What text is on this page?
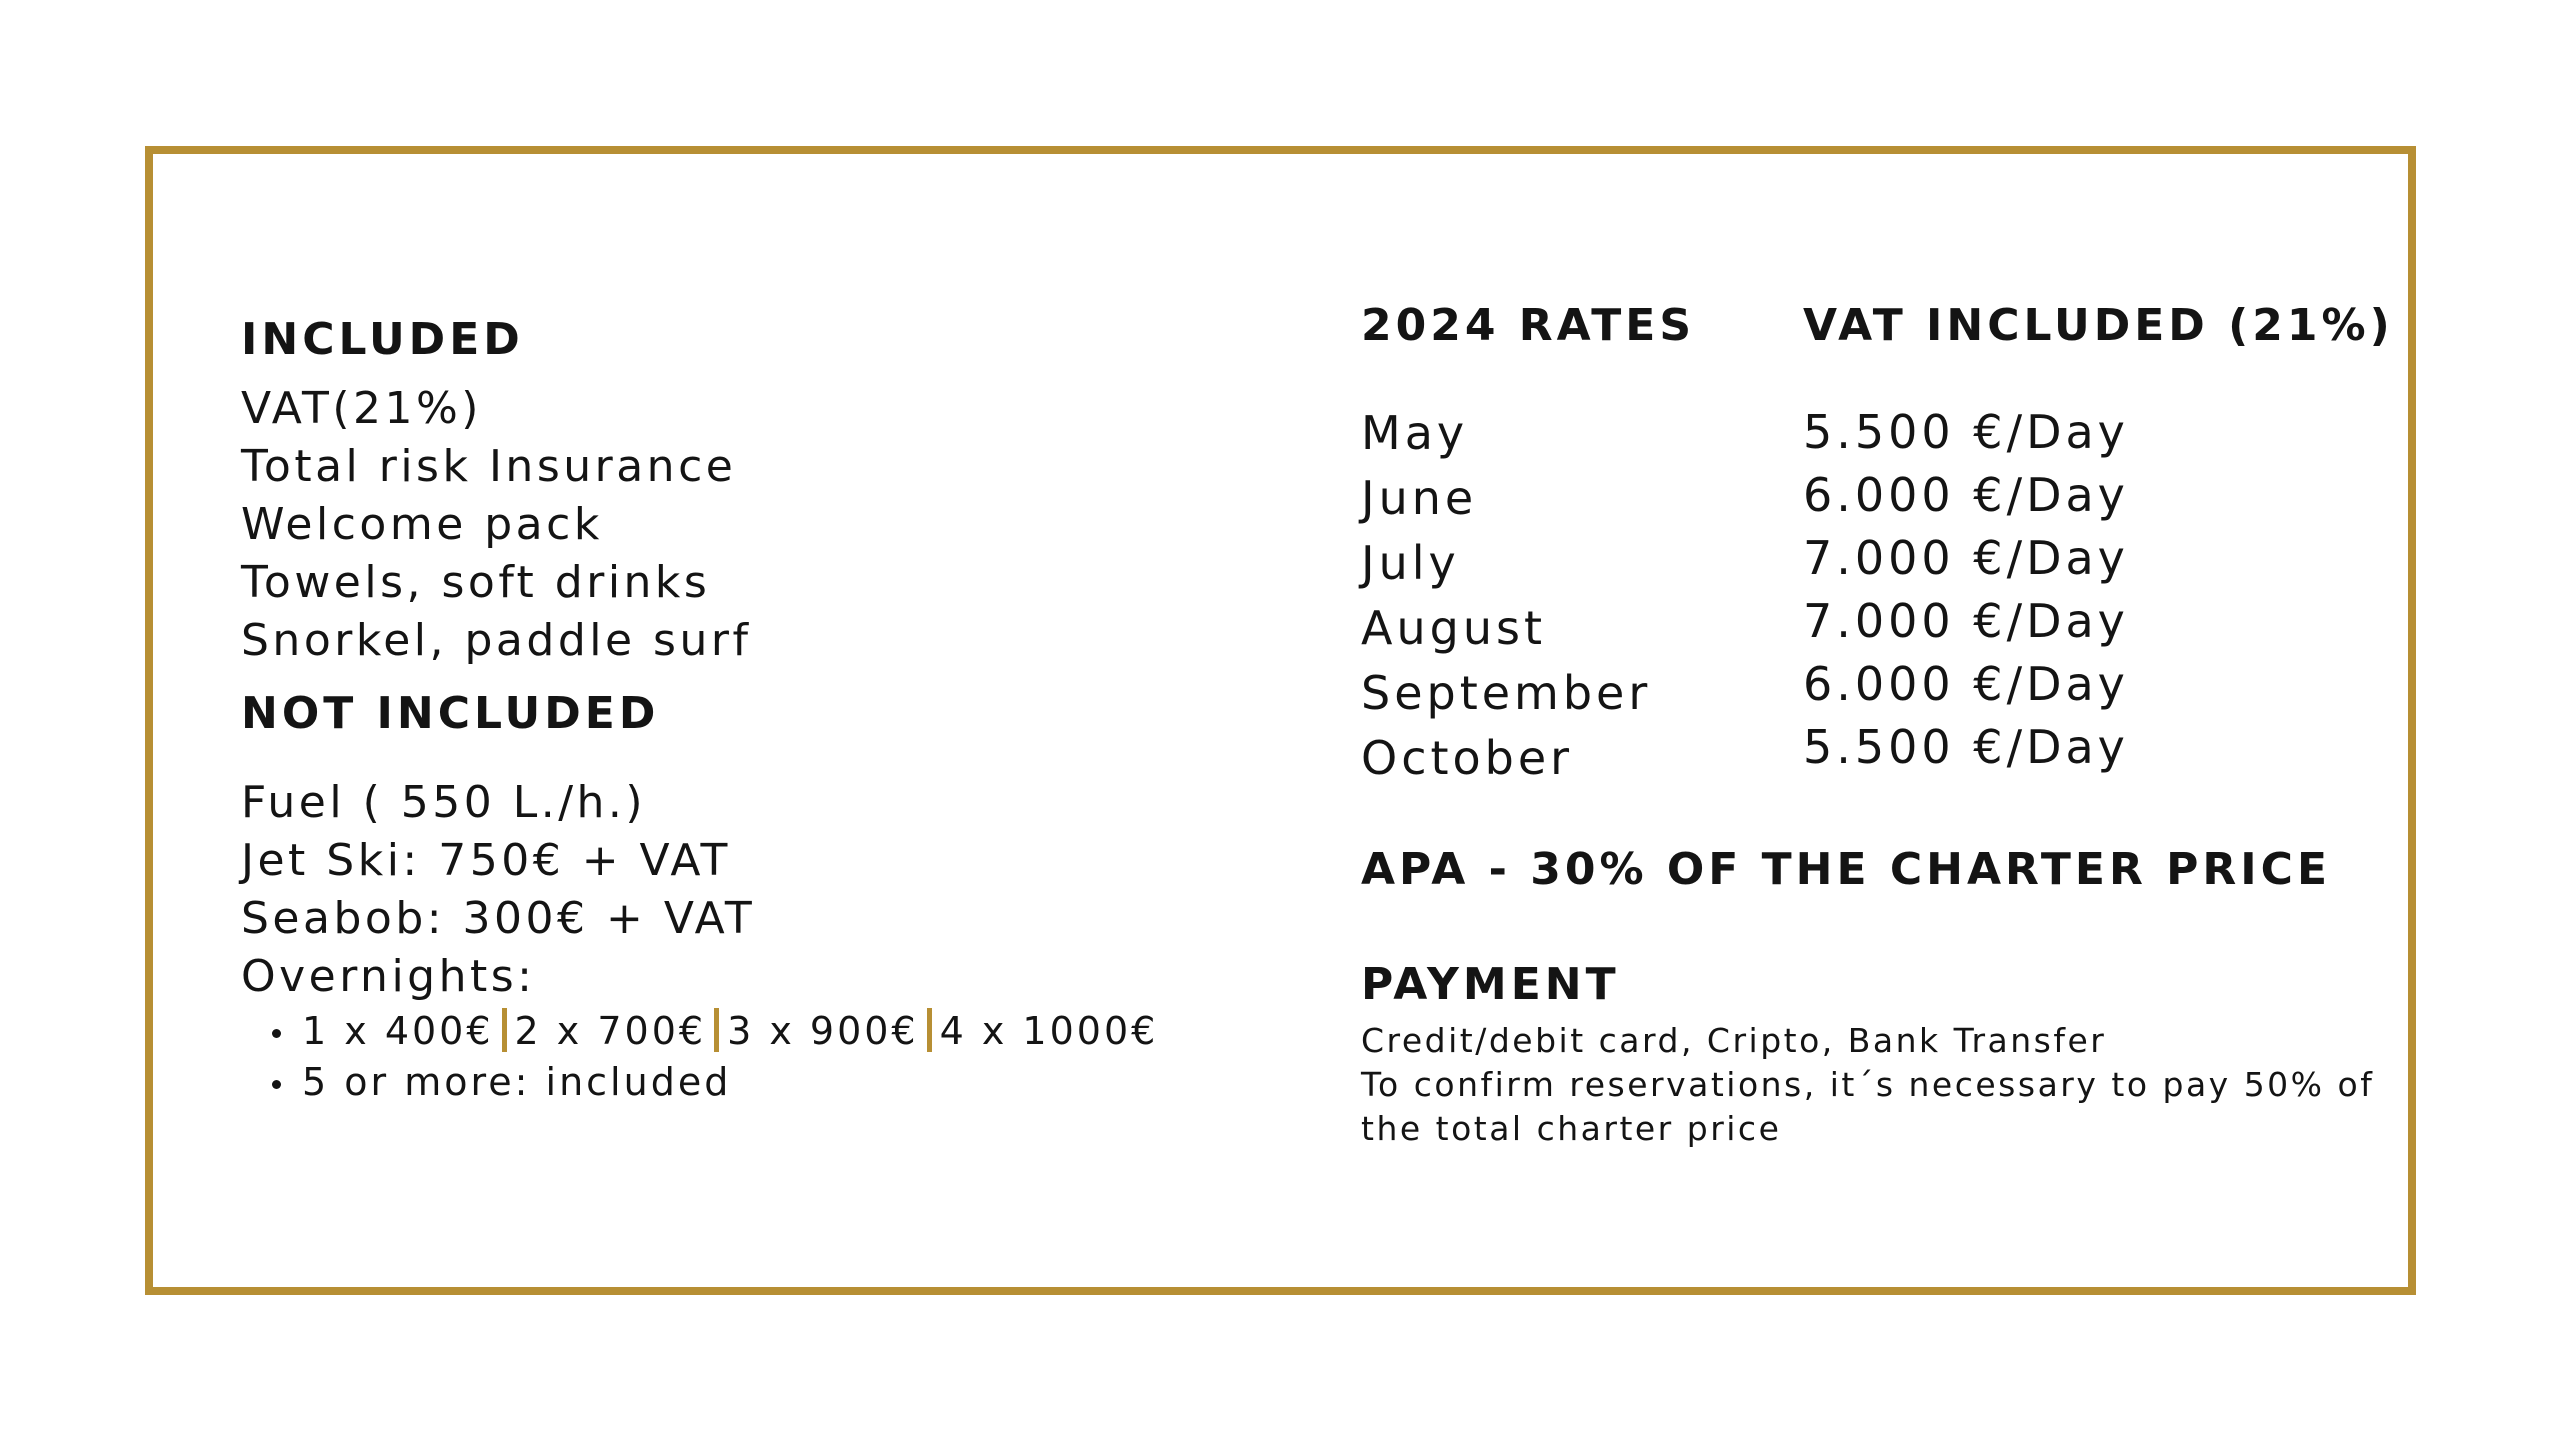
INCLUDED
VAT(21%)
Total risk Insurance
Welcome pack
Towels, soft drinks
Snorkel, paddle surf
NOT INCLUDED
Fuel ( 550 L./h.)
Jet Ski: 750€ + VAT
Seabob: 300€ + VAT
Overnights:
1 x 400€ 2 x 700€ 3 x 900€ 4 x 1000€
5 or more: included
2024 RATES VAT INCLUDED (21%)
May
June
July
August
September
October
5.500 €/Day
6.000 €/Day
7.000 €/Day
7.000 €/Day
6.000 €/Day
5.500 €/Day
APA - 30% OF THE CHARTER PRICE
PAYMENT
Credit/debit card, Cripto, Bank Transfer
To confirm reservations, it´s necessary to pay 50% of
the total charter price
